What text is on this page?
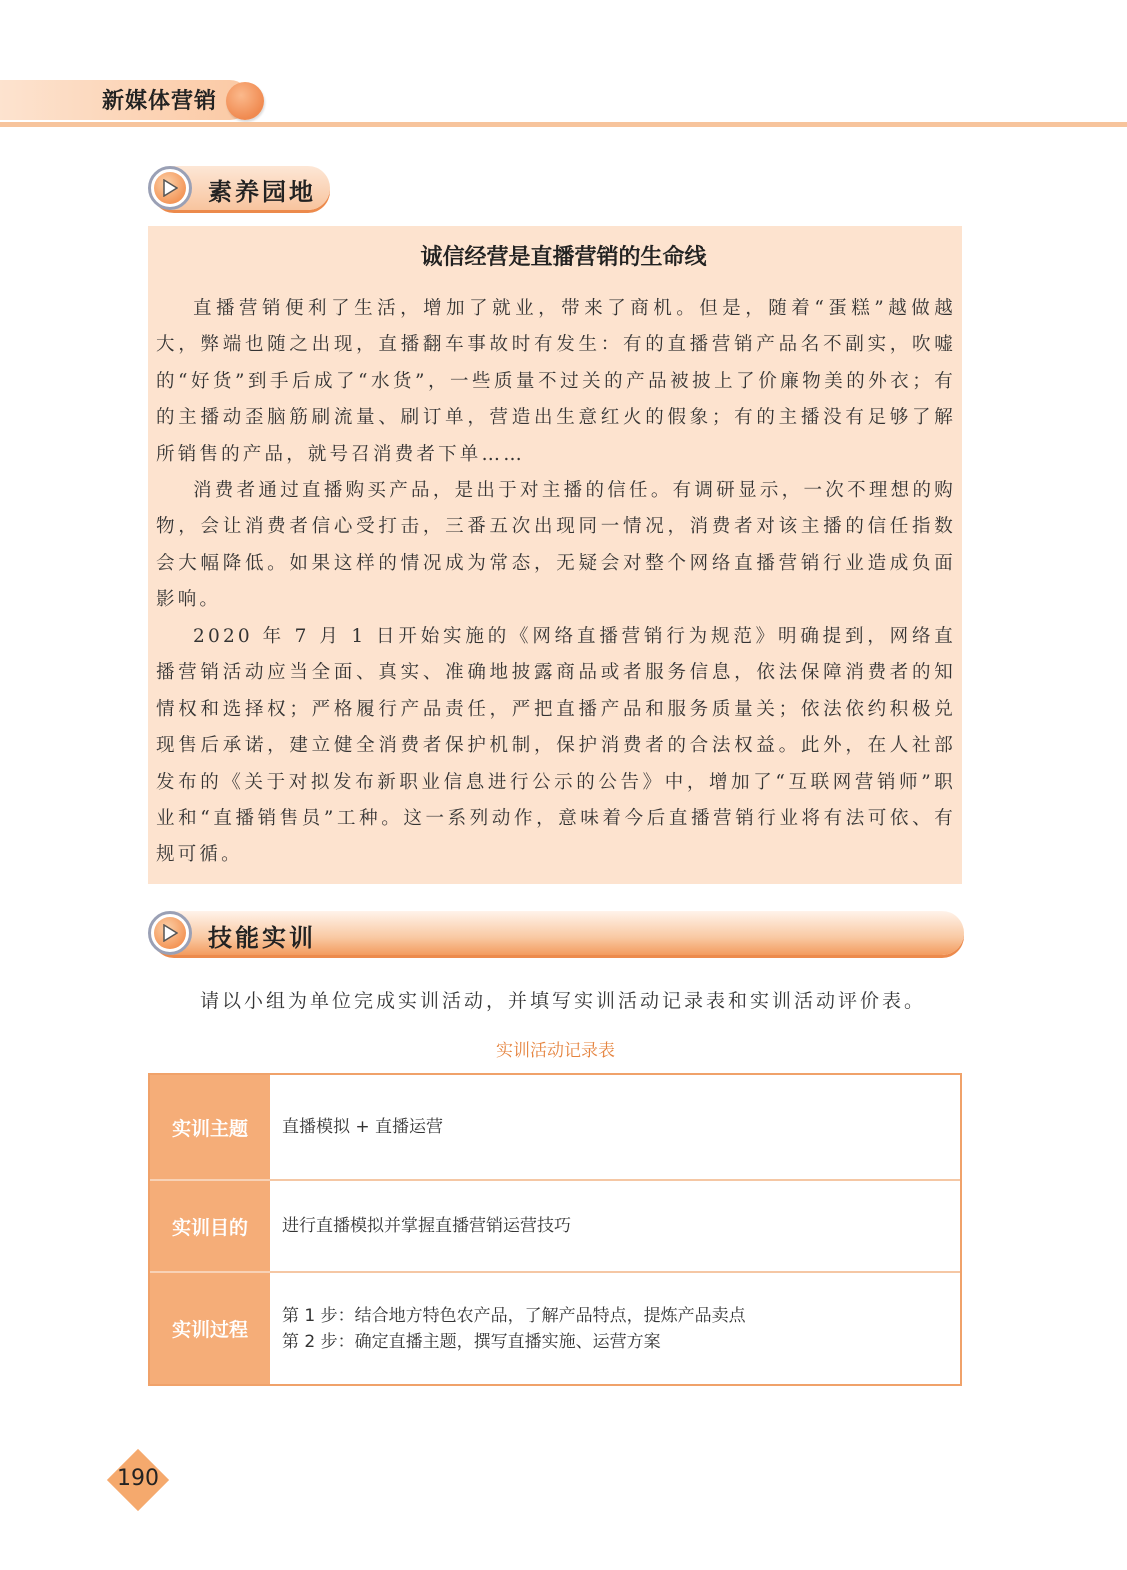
新媒体营销
素养园地
诚信经营是直播营销的生命线

直播营销便利了生活，增加了就业，带来了商机。但是，随着“蛋糕”越做越大，弊端也随之出现，直播翻车事故时有发生：有的直播营销产品名不副实，吹嘘的“好货”到手后成了“水货”，一些质量不过关的产品被披上了价廉物美的外衣；有的主播动歪脑筋刷流量、刷订单，营造出生意红火的假象；有的主播没有足够了解所销售的产品，就号召消费者下单……

消费者通过直播购买产品，是出于对主播的信任。有调研显示，一次不理想的购物，会让消费者信心受打击，三番五次出现同一情况，消费者对该主播的信任指数会大幅降低。如果这样的情况成为常态，无疑会对整个网络直播营销行业造成负面影响。

2020 年 7 月 1 日开始实施的《网络直播营销行为规范》明确提到，网络直播营销活动应当全面、真实、准确地披露商品或者服务信息，依法保障消费者的知情权和选择权；严格履行产品责任，严把直播产品和服务质量关；依法依约积极兑现售后承诺，建立健全消费者保护机制，保护消费者的合法权益。此外，在人社部发布的《关于对拟发布新职业信息进行公示的公告》中，增加了“互联网营销师”职业和“直播销售员”工种。这一系列动作，意味着今后直播营销行业将有法可依、有规可循。

技能实训
请以小组为单位完成实训活动，并填写实训活动记录表和实训活动评价表。
实训活动记录表
实训主题	直播模拟 + 直播运营
实训目的	进行直播模拟并掌握直播营销运营技巧
实训过程
第 1 步：结合地方特色农产品，了解产品特点，提炼产品卖点
第 2 步：确定直播主题，撰写直播实施、运营方案
190
